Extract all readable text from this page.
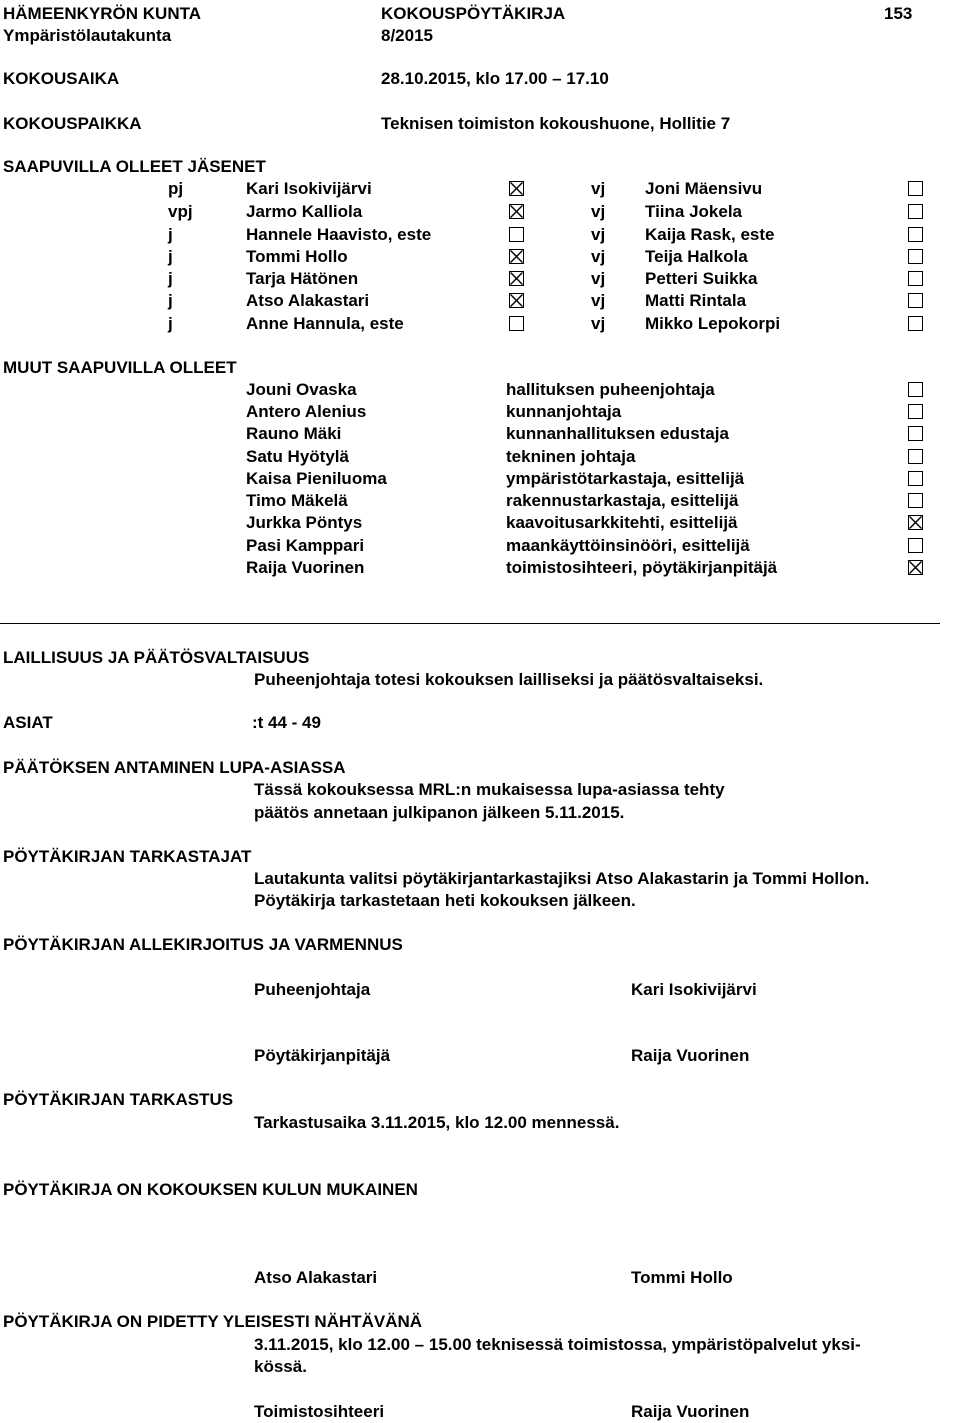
HÄMEENKYRÖN KUNTA	KOKOUSPÖYTÄKIRJA	153
Ympäristölautakunta	8/2015
KOKOUSAIKA	28.10.2015, klo 17.00 – 17.10
KOKOUSPAIKKA	Teknisen toimiston kokoushuone, Hollitie 7
SAAPUVILLA OLLEET JÄSENET
pj	Kari Isokivijärvi	vj Joni Mäensivu
vpj	Jarmo Kalliola	vj Tiina Jokela
j	Hannele Haavisto, este	vj Kaija Rask, este
j	Tommi Hollo	vj Teija Halkola
j	Tarja Hätönen	vj Petteri Suikka
j	Atso Alakastari	vj Matti Rintala
j	Anne Hannula, este	vj Mikko Lepokorpi
MUUT SAAPUVILLA OLLEET
Jouni Ovaska	hallituksen puheenjohtaja
Antero Alenius	kunnanjohtaja
Rauno Mäki	kunnanhallituksen edustaja
Satu Hyötylä	tekninen johtaja
Kaisa Pieniluoma	ympäristötarkastaja, esittelijä
Timo Mäkelä	rakennustarkastaja, esittelijä
Jurkka Pöntys	kaavoitusarkkitehti, esittelijä
Pasi Kamppari	maankäyttöinsinööri, esittelijä
Raija Vuorinen	toimistosihteeri, pöytäkirjanpitäjä
LAILLISUUS JA PÄÄTÖSVALTAISUUS
Puheenjohtaja totesi kokouksen lailliseksi ja päätösvaltaiseksi.
ASIAT	:t 44 - 49
PÄÄTÖKSEN ANTAMINEN LUPA-ASIASSA
Tässä kokouksessa MRL:n mukaisessa lupa-asiassa tehty
päätös annetaan julkipanon jälkeen 5.11.2015.
PÖYTÄKIRJAN TARKASTAJAT
Lautakunta valitsi pöytäkirjantarkastajiksi Atso Alakastarin ja Tommi Hollon.
Pöytäkirja tarkastetaan heti kokouksen jälkeen.
PÖYTÄKIRJAN ALLEKIRJOITUS JA VARMENNUS
Puheenjohtaja	Kari Isokivijärvi
Pöytäkirjanpitäjä	Raija Vuorinen
PÖYTÄKIRJAN TARKASTUS
Tarkastusaika 3.11.2015, klo 12.00 mennessä.
PÖYTÄKIRJA ON KOKOUKSEN KULUN MUKAINEN
Atso Alakastari	Tommi Hollo
PÖYTÄKIRJA ON PIDETTY YLEISESTI NÄHTÄVÄNÄ
3.11.2015, klo 12.00 – 15.00 teknisessä toimistossa, ympäristöpalvelut yksi-
kössä.
Toimistosihteeri	Raija Vuorinen
